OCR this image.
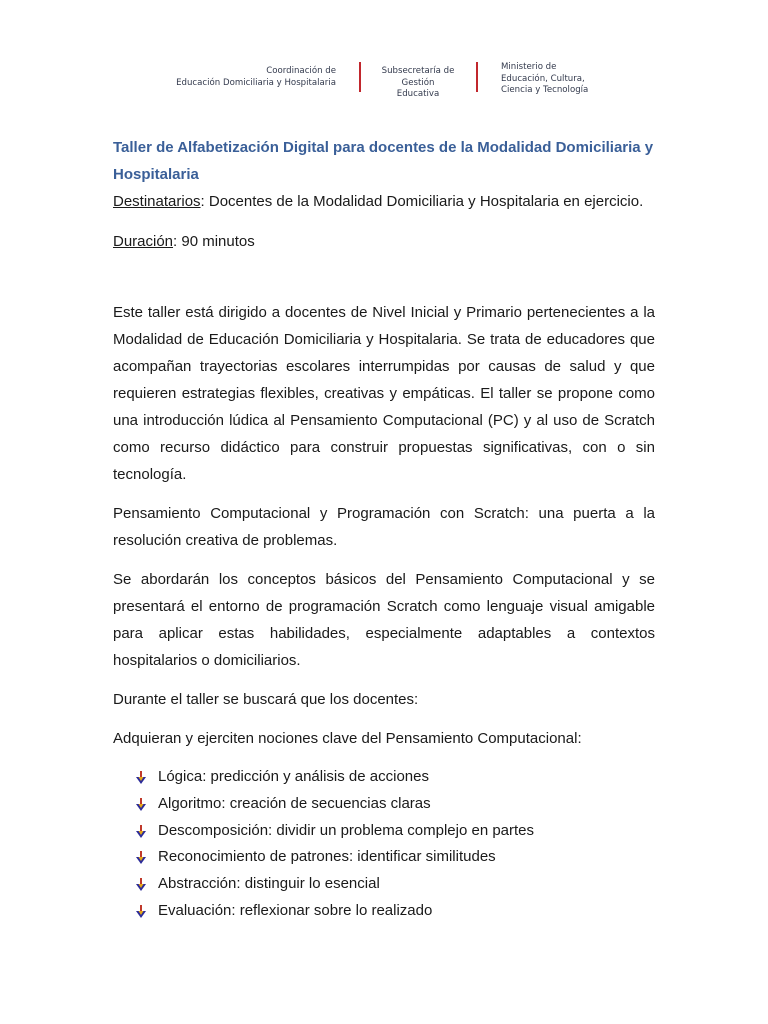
Coordinación de
Educación Domiciliaria y Hospitalaria
Subsecretaría de
Gestión Educativa
Ministerio de
Educación, Cultura,
Ciencia y Tecnología

Taller de Alfabetización Digital para docentes de la Modalidad Domiciliaria y Hospitalaria

Destinatarios: Docentes de la Modalidad Domiciliaria y Hospitalaria en ejercicio.

Duración: 90 minutos

Este taller está dirigido a docentes de Nivel Inicial y Primario pertenecientes a la Modalidad de Educación Domiciliaria y Hospitalaria. Se trata de educadores que acompañan trayectorias escolares interrumpidas por causas de salud y que requieren estrategias flexibles, creativas y empáticas. El taller se propone como una introducción lúdica al Pensamiento Computacional (PC) y al uso de Scratch como recurso didáctico para construir propuestas significativas, con o sin tecnología.

Pensamiento Computacional y Programación con Scratch: una puerta a la resolución creativa de problemas.

Se abordarán los conceptos básicos del Pensamiento Computacional y se presentará el entorno de programación Scratch como lenguaje visual amigable para aplicar estas habilidades, especialmente adaptables a contextos hospitalarios o domiciliarios.

Durante el taller se buscará que los docentes:

Adquieran y ejerciten nociones clave del Pensamiento Computacional:

Lógica: predicción y análisis de acciones
Algoritmo: creación de secuencias claras
Descomposición: dividir un problema complejo en partes
Reconocimiento de patrones: identificar similitudes
Abstracción: distinguir lo esencial
Evaluación: reflexionar sobre lo realizado
